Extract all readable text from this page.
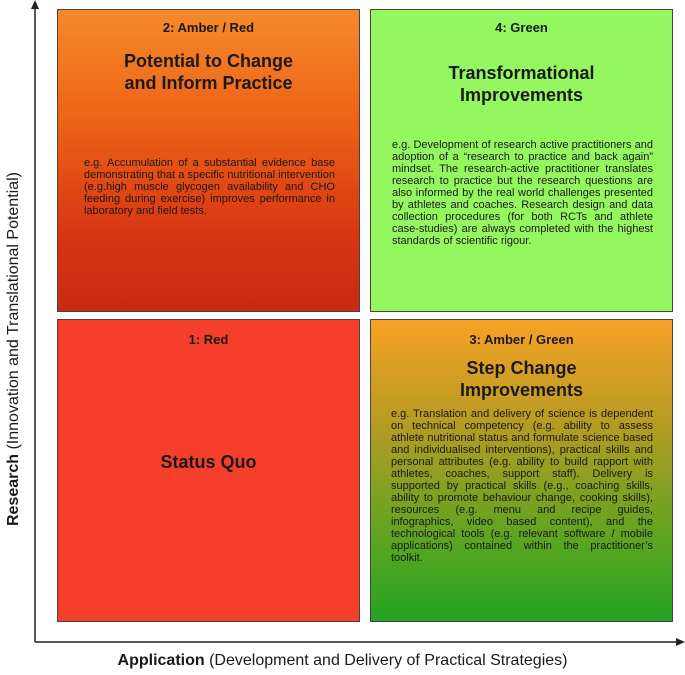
2: Amber / Red
Potential to Change and Inform Practice
e.g. Accumulation of a substantial evidence base demonstrating that a specific nutritional intervention (e.g.high muscle glycogen availability and CHO feeding during exercise) improves performance in laboratory and field tests.
4: Green
Transformational Improvements
e.g. Development of research active practitioners and adoption of a “research to practice and back again” mindset. The research-active practitioner translates research to practice but the research questions are also informed by the real world challenges presented by athletes and coaches. Research design and data collection procedures (for both RCTs and athlete case-studies) are always completed with the highest standards of scientific rigour.
1: Red
Status Quo
3: Amber / Green
Step Change Improvements
e.g. Translation and delivery of science is dependent on technical competency (e.g. ability to assess athlete nutritional status and formulate science based and individualised interventions), practical skills and personal attributes (e.g. ability to build rapport with athletes, coaches, support staff). Delivery is supported by practical skills (e.g., coaching skills, ability to promote behaviour change, cooking skills), resources (e.g. menu and recipe guides, infographics, video based content), and the technological tools (e.g. relevant software / mobile applications) contained within the practitioner’s toolkit.
Application (Development and Delivery of Practical Strategies)
Research (Innovation and Translational Potential)
